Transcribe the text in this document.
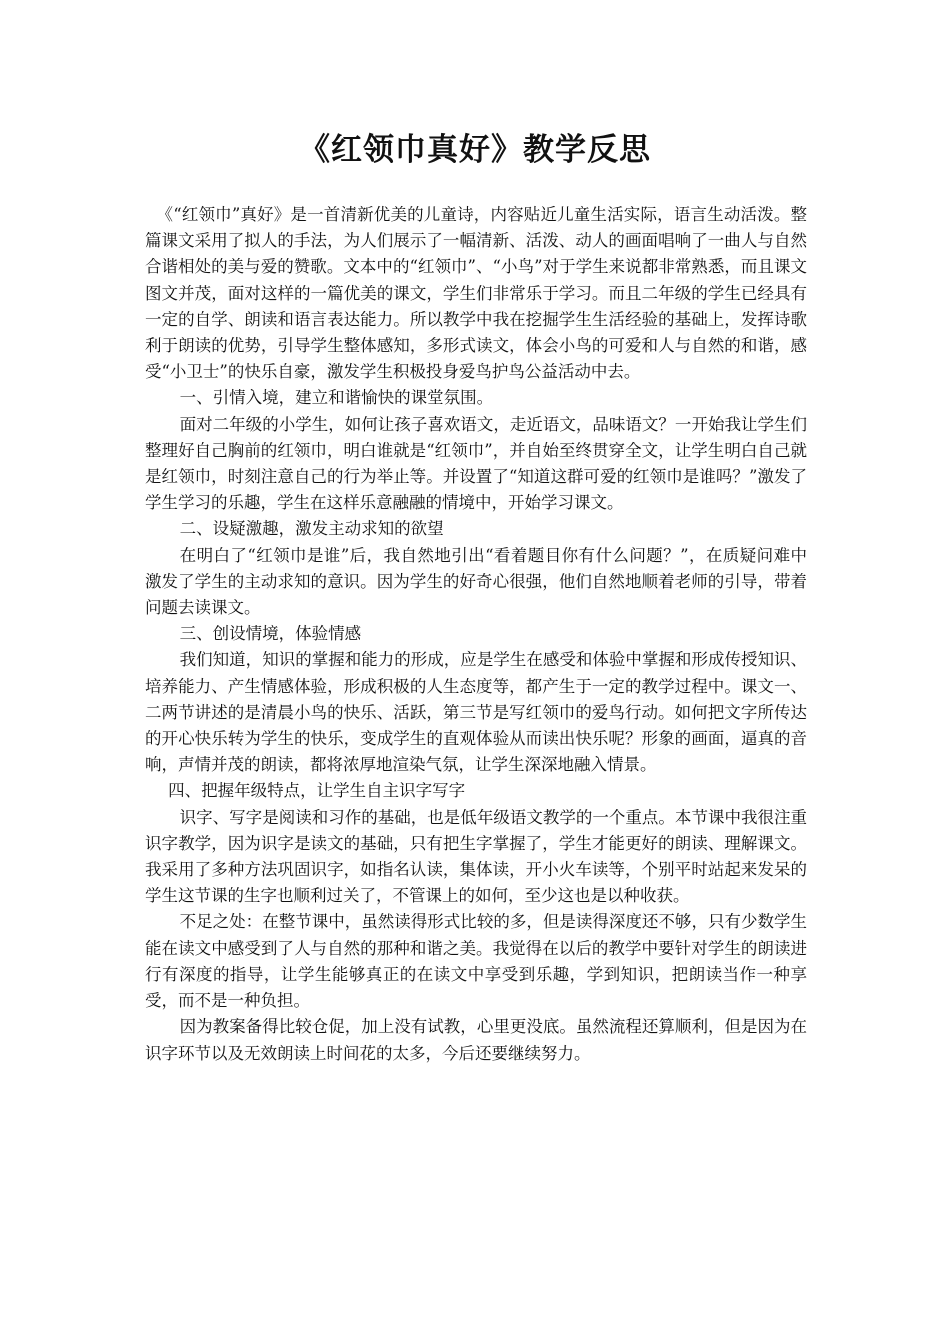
《红领巾真好》教学反思

《“红领巾”真好》是一首清新优美的儿童诗，内容贴近儿童生活实际，语言生动活泼。整篇课文采用了拟人的手法，为人们展示了一幅清新、活泼、动人的画面唱响了一曲人与自然合谐相处的美与爱的赞歌。文本中的“红领巾”、“小鸟”对于学生来说都非常熟悉，而且课文图文并茂，面对这样的一篇优美的课文，学生们非常乐于学习。而且二年级的学生已经具有一定的自学、朗读和语言表达能力。所以教学中我在挖掘学生生活经验的基础上，发挥诗歌利于朗读的优势，引导学生整体感知，多形式读文，体会小鸟的可爱和人与自然的和谐，感受“小卫士”的快乐自豪，激发学生积极投身爱鸟护鸟公益活动中去。

一、引情入境，建立和谐愉快的课堂氛围。

面对二年级的小学生，如何让孩子喜欢语文，走近语文，品味语文？一开始我让学生们整理好自己胸前的红领巾，明白谁就是“红领巾”，并自始至终贯穿全文，让学生明白自己就是红领巾，时刻注意自己的行为举止等。并设置了“知道这群可爱的红领巾是谁吗？”激发了学生学习的乐趣，学生在这样乐意融融的情境中，开始学习课文。

二、设疑激趣，激发主动求知的欲望

在明白了“红领巾是谁”后，我自然地引出“看着题目你有什么问题？”，在质疑问难中激发了学生的主动求知的意识。因为学生的好奇心很强，他们自然地顺着老师的引导，带着问题去读课文。

三、创设情境，体验情感

我们知道，知识的掌握和能力的形成，应是学生在感受和体验中掌握和形成传授知识、培养能力、产生情感体验，形成积极的人生态度等，都产生于一定的教学过程中。课文一、二两节讲述的是清晨小鸟的快乐、活跃，第三节是写红领巾的爱鸟行动。如何把文字所传达的开心快乐转为学生的快乐，变成学生的直观体验从而读出快乐呢？形象的画面，逼真的音响，声情并茂的朗读，都将浓厚地渲染气氛，让学生深深地融入情景。

四、把握年级特点，让学生自主识字写字

识字、写字是阅读和习作的基础，也是低年级语文教学的一个重点。本节课中我很注重识字教学，因为识字是读文的基础，只有把生字掌握了，学生才能更好的朗读、理解课文。我采用了多种方法巩固识字，如指名认读，集体读，开小火车读等，个别平时站起来发呆的学生这节课的生字也顺利过关了，不管课上的如何，至少这也是以种收获。

不足之处：在整节课中，虽然读得形式比较的多，但是读得深度还不够，只有少数学生能在读文中感受到了人与自然的那种和谐之美。我觉得在以后的教学中要针对学生的朗读进行有深度的指导，让学生能够真正的在读文中享受到乐趣，学到知识，把朗读当作一种享受，而不是一种负担。

因为教案备得比较仓促，加上没有试教，心里更没底。虽然流程还算顺利，但是因为在识字环节以及无效朗读上时间花的太多，今后还要继续努力。
